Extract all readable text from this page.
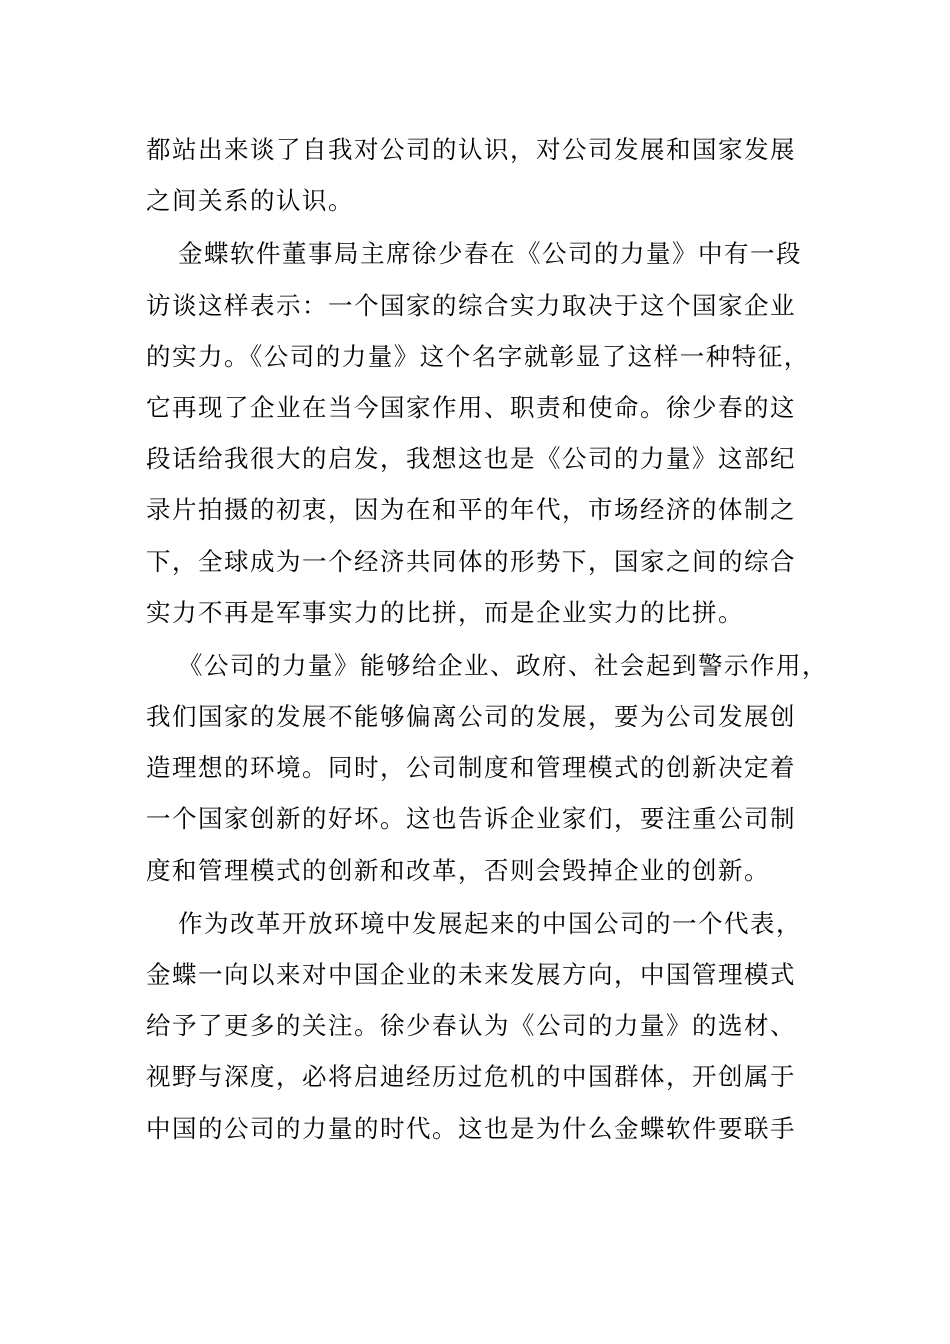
都站出来谈了自我对公司的认识，对公司发展和国家发展
之间关系的认识。

金蝶软件董事局主席徐少春在《公司的力量》中有一段
访谈这样表示：一个国家的综合实力取决于这个国家企业
的实力。《公司的力量》这个名字就彰显了这样一种特征，
它再现了企业在当今国家作用、职责和使命。徐少春的这
段话给我很大的启发，我想这也是《公司的力量》这部纪
录片拍摄的初衷，因为在和平的年代，市场经济的体制之
下，全球成为一个经济共同体的形势下，国家之间的综合
实力不再是军事实力的比拼，而是企业实力的比拼。

《公司的力量》能够给企业、政府、社会起到警示作用，
我们国家的发展不能够偏离公司的发展，要为公司发展创
造理想的环境。同时，公司制度和管理模式的创新决定着
一个国家创新的好坏。这也告诉企业家们，要注重公司制
度和管理模式的创新和改革，否则会毁掉企业的创新。

作为改革开放环境中发展起来的中国公司的一个代表，
金蝶一向以来对中国企业的未来发展方向，中国管理模式
给予了更多的关注。徐少春认为《公司的力量》的选材、
视野与深度，必将启迪经历过危机的中国群体，开创属于
中国的公司的力量的时代。这也是为什么金蝶软件要联手
